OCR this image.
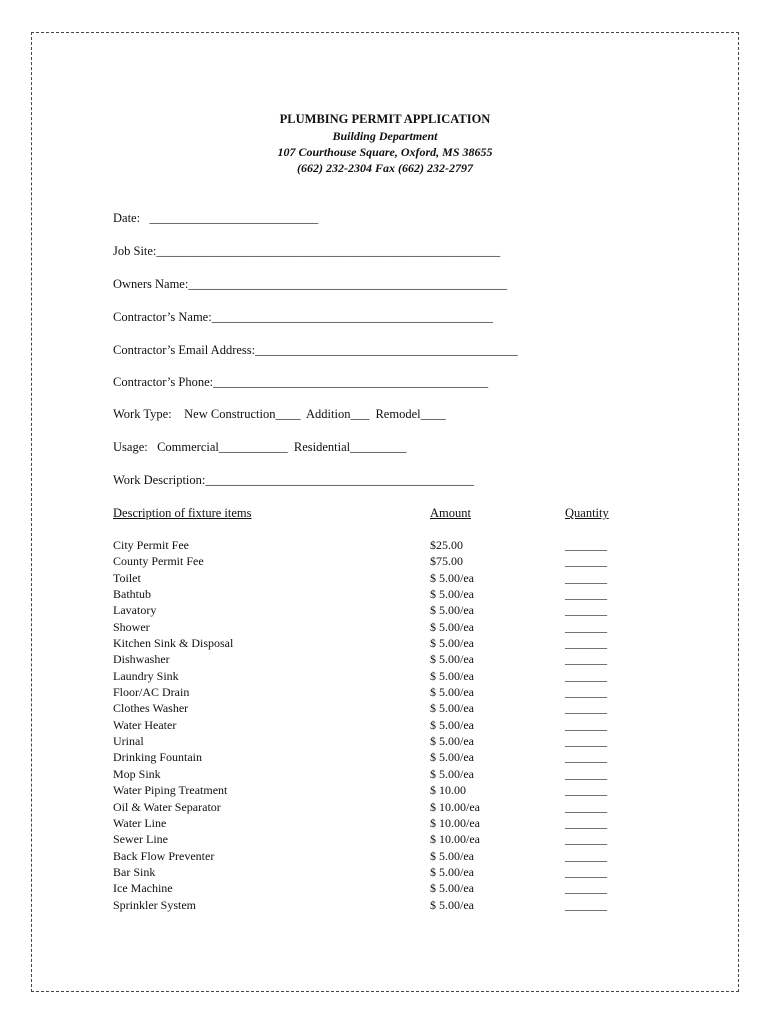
PLUMBING PERMIT APPLICATION
Building Department
107 Courthouse Square, Oxford, MS 38655
(662) 232-2304 Fax (662) 232-2797
Date:   ___________________________
Job Site:_______________________________________________________
Owners Name:___________________________________________________
Contractor’s Name:_____________________________________________
Contractor’s Email Address:__________________________________________
Contractor’s Phone:____________________________________________
Work Type:    New Construction____  Addition___  Remodel____
Usage:   Commercial___________  Residential_________
Work Description:___________________________________________
Description of fixture items	Amount	Quantity
City Permit Fee	$25.00	_______
County Permit Fee	$75.00	_______
Toilet	$ 5.00/ea	_______
Bathtub	$ 5.00/ea	_______
Lavatory	$ 5.00/ea	_______
Shower	$ 5.00/ea	_______
Kitchen Sink & Disposal	$ 5.00/ea	_______
Dishwasher	$ 5.00/ea	_______
Laundry Sink	$ 5.00/ea	_______
Floor/AC Drain	$ 5.00/ea	_______
Clothes Washer	$ 5.00/ea	_______
Water Heater	$ 5.00/ea	_______
Urinal	$ 5.00/ea	_______
Drinking Fountain	$ 5.00/ea	_______
Mop Sink	$ 5.00/ea	_______
Water Piping Treatment	$ 10.00	_______
Oil & Water Separator	$ 10.00/ea	_______
Water Line	$ 10.00/ea	_______
Sewer Line	$ 10.00/ea	_______
Back Flow Preventer	$ 5.00/ea	_______
Bar Sink	$ 5.00/ea	_______
Ice Machine	$ 5.00/ea	_______
Sprinkler System	$ 5.00/ea	_______
